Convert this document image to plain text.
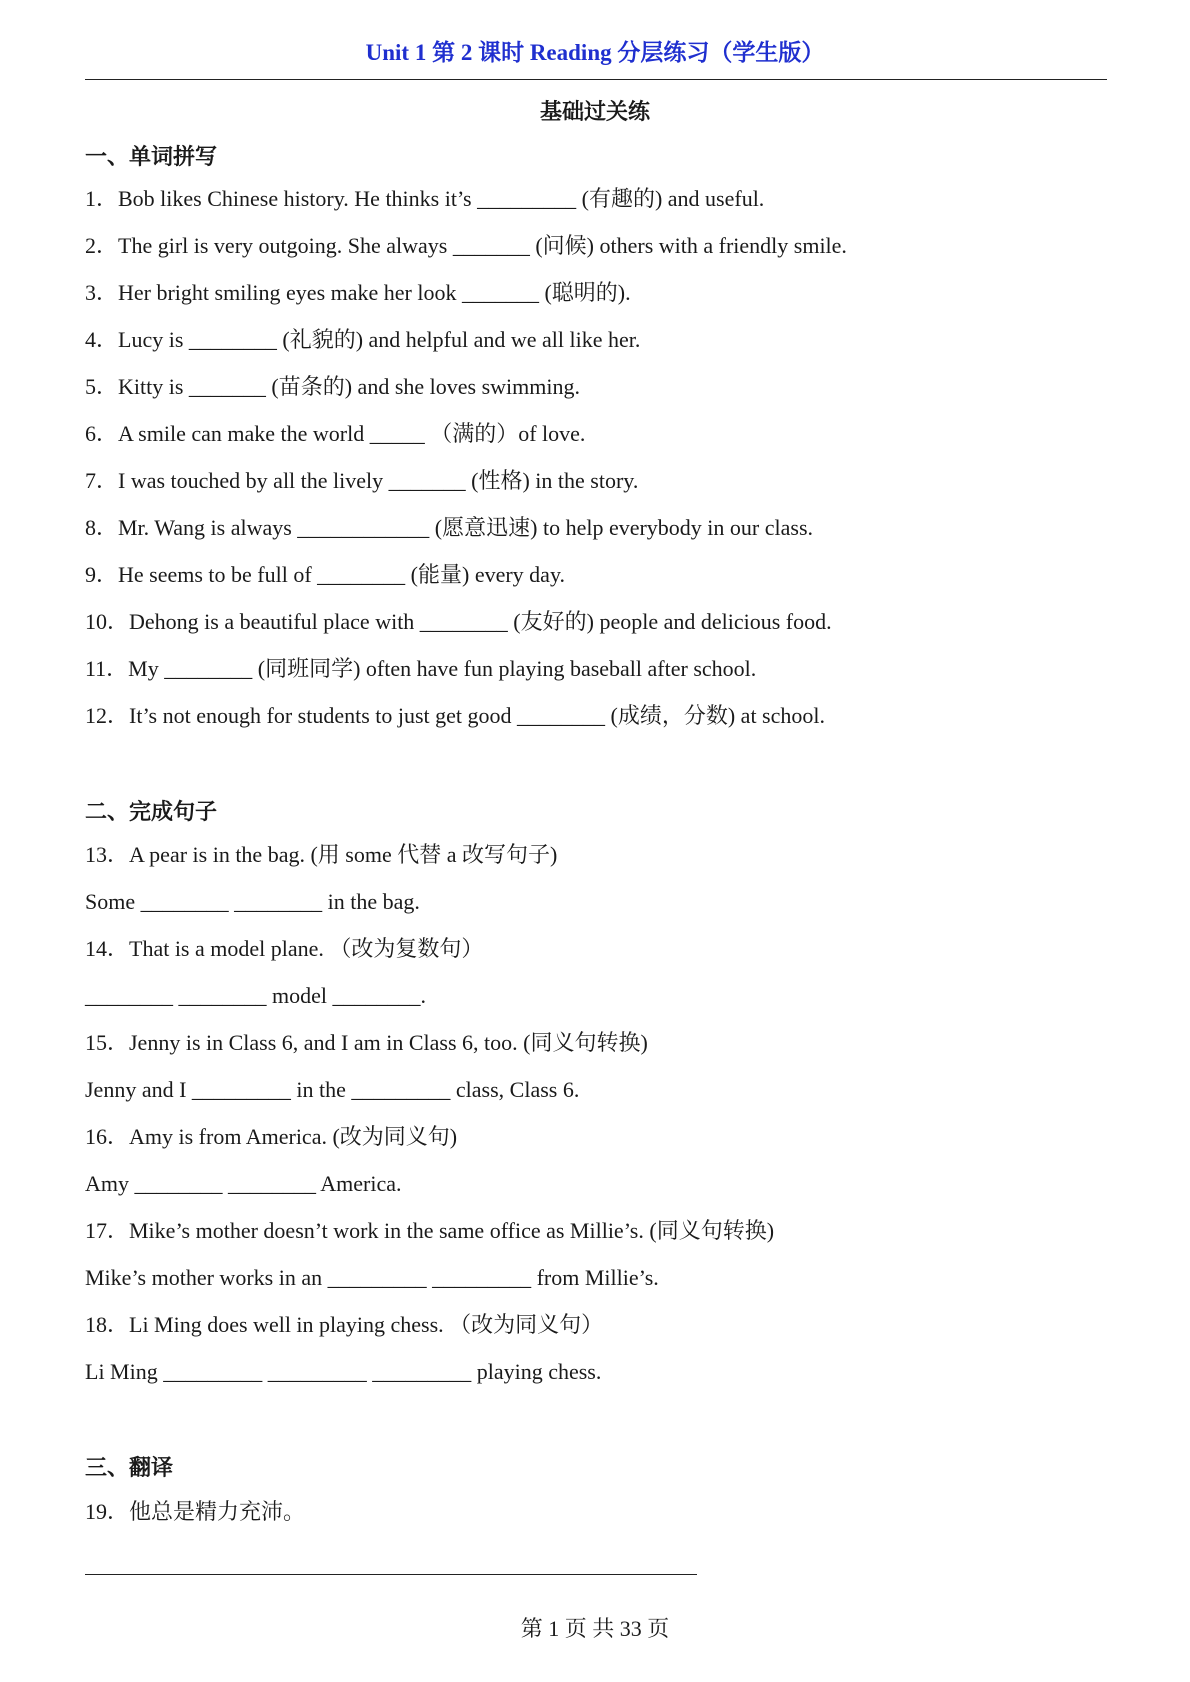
Unit 1 第 2 课时 Reading 分层练习（学生版）
基础过关练
一、单词拼写
1．Bob likes Chinese history. He thinks it’s _________ (有趣的) and useful.
2．The girl is very outgoing. She always _______ (问候) others with a friendly smile.
3．Her bright smiling eyes make her look _______ (聪明的).
4．Lucy is ________ (礼貌的) and helpful and we all like her.
5．Kitty is _______ (苗条的) and she loves swimming.
6．A smile can make the world _____ （满的）of love.
7．I was touched by all the lively _______ (性格) in the story.
8．Mr. Wang is always ____________ (愿意迅速) to help everybody in our class.
9．He seems to be full of ________ (能量) every day.
10．Dehong is a beautiful place with ________ (友好的) people and delicious food.
11．My ________ (同班同学) often have fun playing baseball after school.
12．It’s not enough for students to just get good ________ (成绩，分数) at school.
二、完成句子
13．A pear is in the bag. (用 some 代替 a 改写句子)
Some ________ ________ in the bag.
14．That is a model plane. （改为复数句）
________ ________ model ________.
15．Jenny is in Class 6, and I am in Class 6, too. (同义句转换)
Jenny and I _________ in the _________ class, Class 6.
16．Amy is from America. (改为同义句)
Amy ________ ________ America.
17．Mike’s mother doesn’t work in the same office as Millie’s. (同义句转换)
Mike’s mother works in an _________ _________ from Millie’s.
18．Li Ming does well in playing chess. （改为同义句）
Li Ming _________ _________ _________ playing chess.
三、翻译
19．他总是精力充沛。
第 1 页 共 33 页
